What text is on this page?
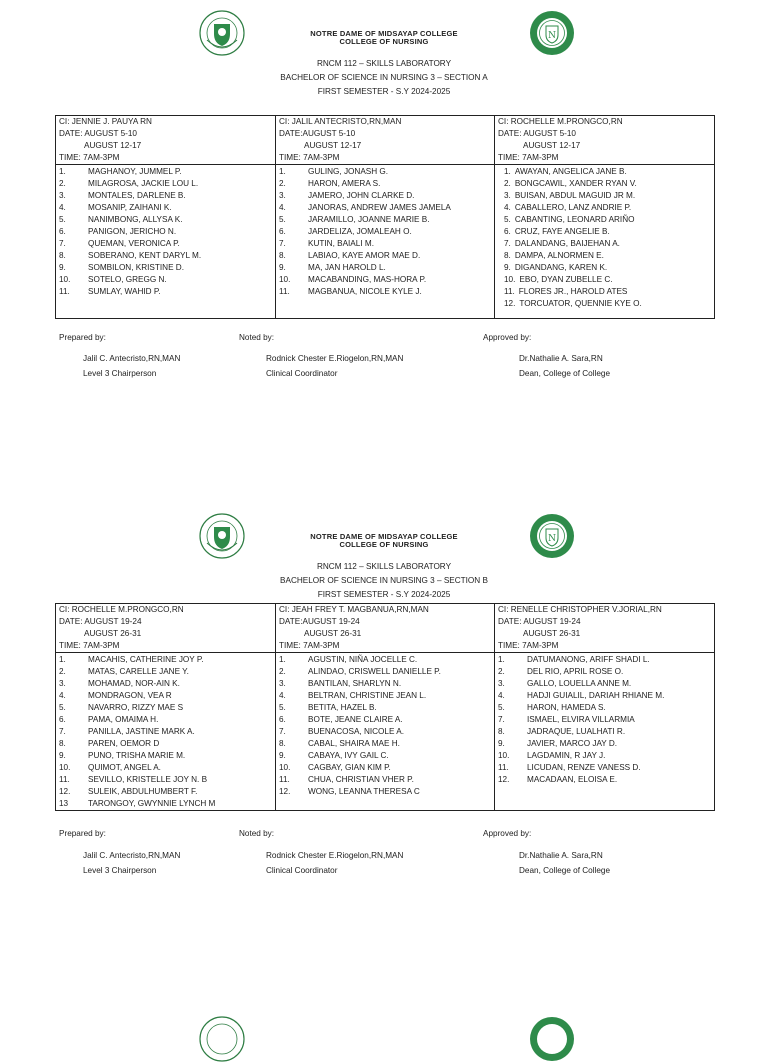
N
NOTRE DAME OF MIDSAYAP COLLEGE
COLLEGE OF NURSING
RNCM 112 – SKILLS LABORATORY
BACHELOR OF SCIENCE IN NURSING 3 – SECTION A
FIRST SEMESTER - S.Y 2024-2025
CI: JENNIE J. PAUYA RN
DATE: AUGUST 5-10
AUGUST 12-17
TIME: 7AM-3PM
1.	MAGHANOY, JUMMEL P.
2.	MILAGROSA, JACKIE LOU L.
3.	MONTALES, DARLENE B.
4.	MOSANIP, ZAIHANI K.
5.	NANIMBONG, ALLYSA K.
6.	PANIGON, JERICHO N.
7.	QUEMAN, VERONICA P.
8.	SOBERANO, KENT DARYL M.
9.	SOMBILON, KRISTINE D.
10.	SOTELO, GREGG N.
11.	SUMLAY, WAHID P.

CI: JALIL ANTECRISTO,RN,MAN
DATE:AUGUST 5-10
AUGUST 12-17
TIME: 7AM-3PM
1.	GULING, JONASH G.
2.	HARON, AMERA S.
3.	JAMERO, JOHN CLARKE D.
4.	JANORAS, ANDREW JAMES JAMELA
5.	JARAMILLO, JOANNE MARIE B.
6.	JARDELIZA, JOMALEAH O.
7.	KUTIN, BAIALI M.
8.	LABIAO, KAYE AMOR MAE D.
9.	MA, JAN HAROLD L.
10.	MACABANDING, MAS-HORA P.
11.	MAGBANUA, NICOLE KYLE J.

CI: ROCHELLE M.PRONGCO,RN
DATE: AUGUST 5-10
AUGUST 12-17
TIME: 7AM-3PM
1. AWAYAN, ANGELICA JANE B.
2. BONGCAWIL, XANDER RYAN V.
3. BUISAN, ABDUL MAGUID JR M.
4. CABALLERO, LANZ ANDRIE P.
5. CABANTING, LEONARD ARIÑO
6. CRUZ, FAYE ANGELIE B.
7. DALANDANG, BAIJEHAN A.
8. DAMPA, ALNORMEN E.
9. DIGANDANG, KAREN K.
10. EBO, DYAN ZUBELLE C.
11. FLORES JR., HAROLD ATES
12. TORCUATOR, QUENNIE KYE O.
Prepared by:	Noted by:	Approved by:
Jalil C. Antecristo,RN,MAN
Level 3 Chairperson
Rodnick Chester E.Riogelon,RN,MAN
Clinical Coordinator
Dr.Nathalie A. Sara,RN
Dean, College of College
N
NOTRE DAME OF MIDSAYAP COLLEGE
COLLEGE OF NURSING
RNCM 112 – SKILLS LABORATORY
BACHELOR OF SCIENCE IN NURSING 3 – SECTION B
FIRST SEMESTER - S.Y 2024-2025
CI: ROCHELLE M.PRONGCO,RN
DATE: AUGUST 19-24
AUGUST 26-31
TIME: 7AM-3PM
1.	MACAHIS, CATHERINE JOY P.
2.	MATAS, CARELLE JANE Y.
3.	MOHAMAD, NOR-AIN K.
4.	MONDRAGON, VEA R
5.	NAVARRO, RIZZY MAE S
6.	PAMA, OMAIMA H.
7.	PANILLA, JASTINE MARK A.
8.	PAREN, OEMOR D
9.	PUNO, TRISHA MARIE M.
10.	QUIMOT, ANGEL A.
11.	SEVILLO, KRISTELLE JOY N. B
12.	SULEIK, ABDULHUMBERT F.
13	TARONGOY, GWYNNIE LYNCH M

CI: JEAH FREY T. MAGBANUA,RN,MAN
DATE:AUGUST 19-24
AUGUST 26-31
TIME: 7AM-3PM
1.	AGUSTIN, NIÑA JOCELLE C.
2.	ALINDAO, CRISWELL DANIELLE P.
3.	BANTILAN, SHARLYN N.
4.	BELTRAN, CHRISTINE JEAN L.
5.	BETITA, HAZEL B.
6.	BOTE, JEANE CLAIRE A.
7.	BUENACOSA, NICOLE A.
8.	CABAL, SHAIRA MAE H.
9.	CABAYA, IVY GAIL C.
10.	CAGBAY, GIAN KIM P.
11.	CHUA, CHRISTIAN VHER P.
12.	WONG, LEANNA THERESA C

CI: RENELLE CHRISTOPHER V.JORIAL,RN
DATE: AUGUST 19-24
AUGUST 26-31
TIME: 7AM-3PM
1.	DATUMANONG, ARIFF SHADI L.
2.	DEL RIO, APRIL ROSE O.
3.	GALLO, LOUELLA ANNE M.
4.	HADJI GUIALIL, DARIAH RHIANE M.
5.	HARON, HAMEDA S.
7.	ISMAEL, ELVIRA VILLARMIA
8.	JADRAQUE, LUALHATI R.
9.	JAVIER, MARCO JAY D.
10.	LAGDAMIN, R JAY J.
11.	LICUDAN, RENZE VANESS D.
12.	MACADAAN, ELOISA E.
Prepared by:	Noted by:	Approved by:
Jalil C. Antecristo,RN,MAN
Level 3 Chairperson
Rodnick Chester E.Riogelon,RN,MAN
Clinical Coordinator
Dr.Nathalie A. Sara,RN
Dean, College of College
